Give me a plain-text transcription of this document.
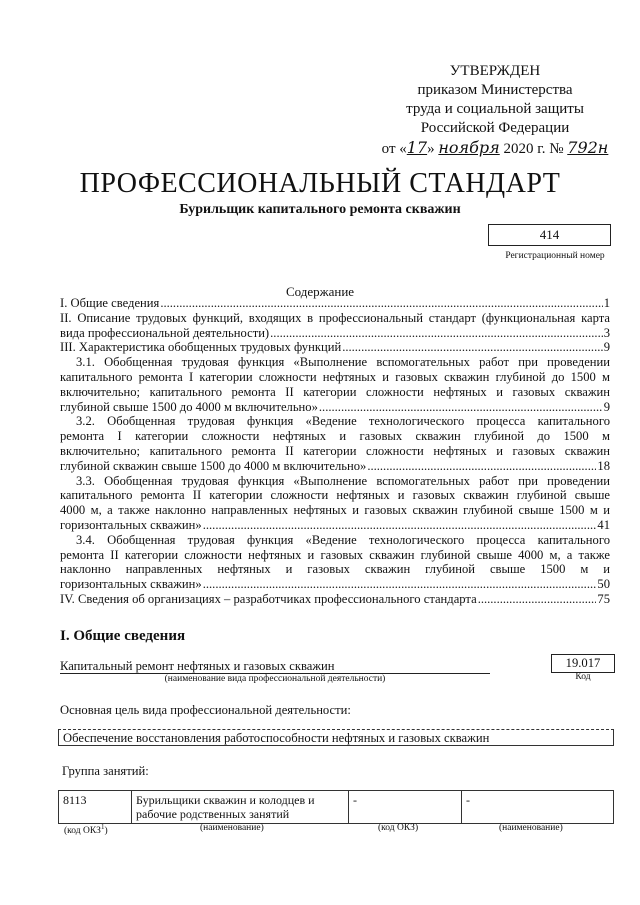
УТВЕРЖДЕН
приказом Министерства
труда и социальной защиты
Российской Федерации
от «17» ноября 2020 г. № 792н
ПРОФЕССИОНАЛЬНЫЙ СТАНДАРТ
Бурильщик капитального ремонта скважин
414
Регистрационный номер
Содержание
I. Общие сведения .....	1
II. Описание трудовых функций, входящих в профессиональный стандарт (функциональная карта
вида профессиональной деятельности) .....	3
III. Характеристика обобщенных трудовых функций .....	9
3.1. Обобщенная трудовая функция «Выполнение вспомогательных работ при проведении
капитального ремонта I категории сложности нефтяных и газовых скважин глубиной до 1500 м
включительно; капитального ремонта II категории сложности нефтяных и газовых скважин
глубиной свыше 1500 до 4000 м включительно» .....	9
3.2. Обобщенная трудовая функция «Ведение технологического процесса капитального
ремонта I категории сложности нефтяных и газовых скважин глубиной до 1500 м
включительно; капитального ремонта II категории сложности нефтяных и газовых скважин
глубиной скважин свыше 1500 до 4000 м включительно» .....	18
3.3. Обобщенная трудовая функция «Выполнение вспомогательных работ при проведении
капитального ремонта II категории сложности нефтяных и газовых скважин глубиной свыше
4000 м, а также наклонно направленных нефтяных и газовых скважин глубиной свыше 1500 м и
горизонтальных скважин» .....	41
3.4. Обобщенная трудовая функция «Ведение технологического процесса капитального
ремонта II категории сложности нефтяных и газовых скважин глубиной свыше 4000 м, а также
наклонно направленных нефтяных и газовых скважин глубиной свыше 1500 м и
горизонтальных скважин» .....	50
IV. Сведения об организациях – разработчиках профессионального стандарта .....	75
I. Общие сведения
Капитальный ремонт нефтяных и газовых скважин
(наименование вида профессиональной деятельности)
19.017
Код
Основная цель вида профессиональной деятельности:
Обеспечение восстановления работоспособности нефтяных и газовых скважин
Группа занятий:
8113	Бурильщики скважин и колодцев и рабочие родственных занятий	-	-
(код ОКЗ$^1$)	(наименование)	(код ОКЗ)	(наименование)
